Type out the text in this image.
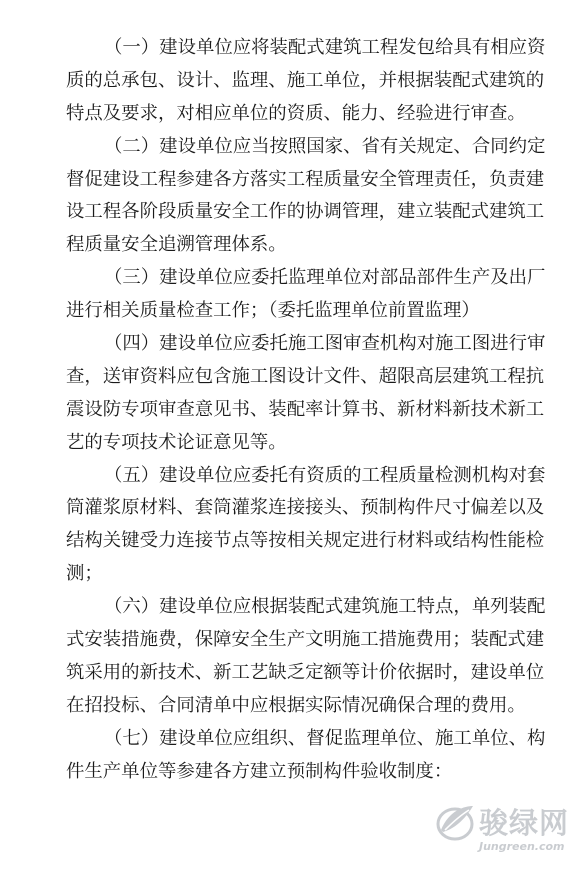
（一）建设单位应将装配式建筑工程发包给具有相应资
质的总承包、设计、监理、施工单位，并根据装配式建筑的
特点及要求，对相应单位的资质、能力、经验进行审查。
（二）建设单位应当按照国家、省有关规定、合同约定
督促建设工程参建各方落实工程质量安全管理责任，负责建
设工程各阶段质量安全工作的协调管理，建立装配式建筑工
程质量安全追溯管理体系。
（三）建设单位应委托监理单位对部品部件生产及出厂
进行相关质量检查工作；（委托监理单位前置监理）
（四）建设单位应委托施工图审查机构对施工图进行审
查，送审资料应包含施工图设计文件、超限高层建筑工程抗
震设防专项审查意见书、装配率计算书、新材料新技术新工
艺的专项技术论证意见等。
（五）建设单位应委托有资质的工程质量检测机构对套
筒灌浆原材料、套筒灌浆连接接头、预制构件尺寸偏差以及
结构关键受力连接节点等按相关规定进行材料或结构性能检
测；
（六）建设单位应根据装配式建筑施工特点，单列装配
式安装措施费，保障安全生产文明施工措施费用；装配式建
筑采用的新技术、新工艺缺乏定额等计价依据时，建设单位
在招投标、合同清单中应根据实际情况确保合理的费用。
（七）建设单位应组织、督促监理单位、施工单位、构
件生产单位等参建各方建立预制构件验收制度：
骏绿网
Jungreen.com
